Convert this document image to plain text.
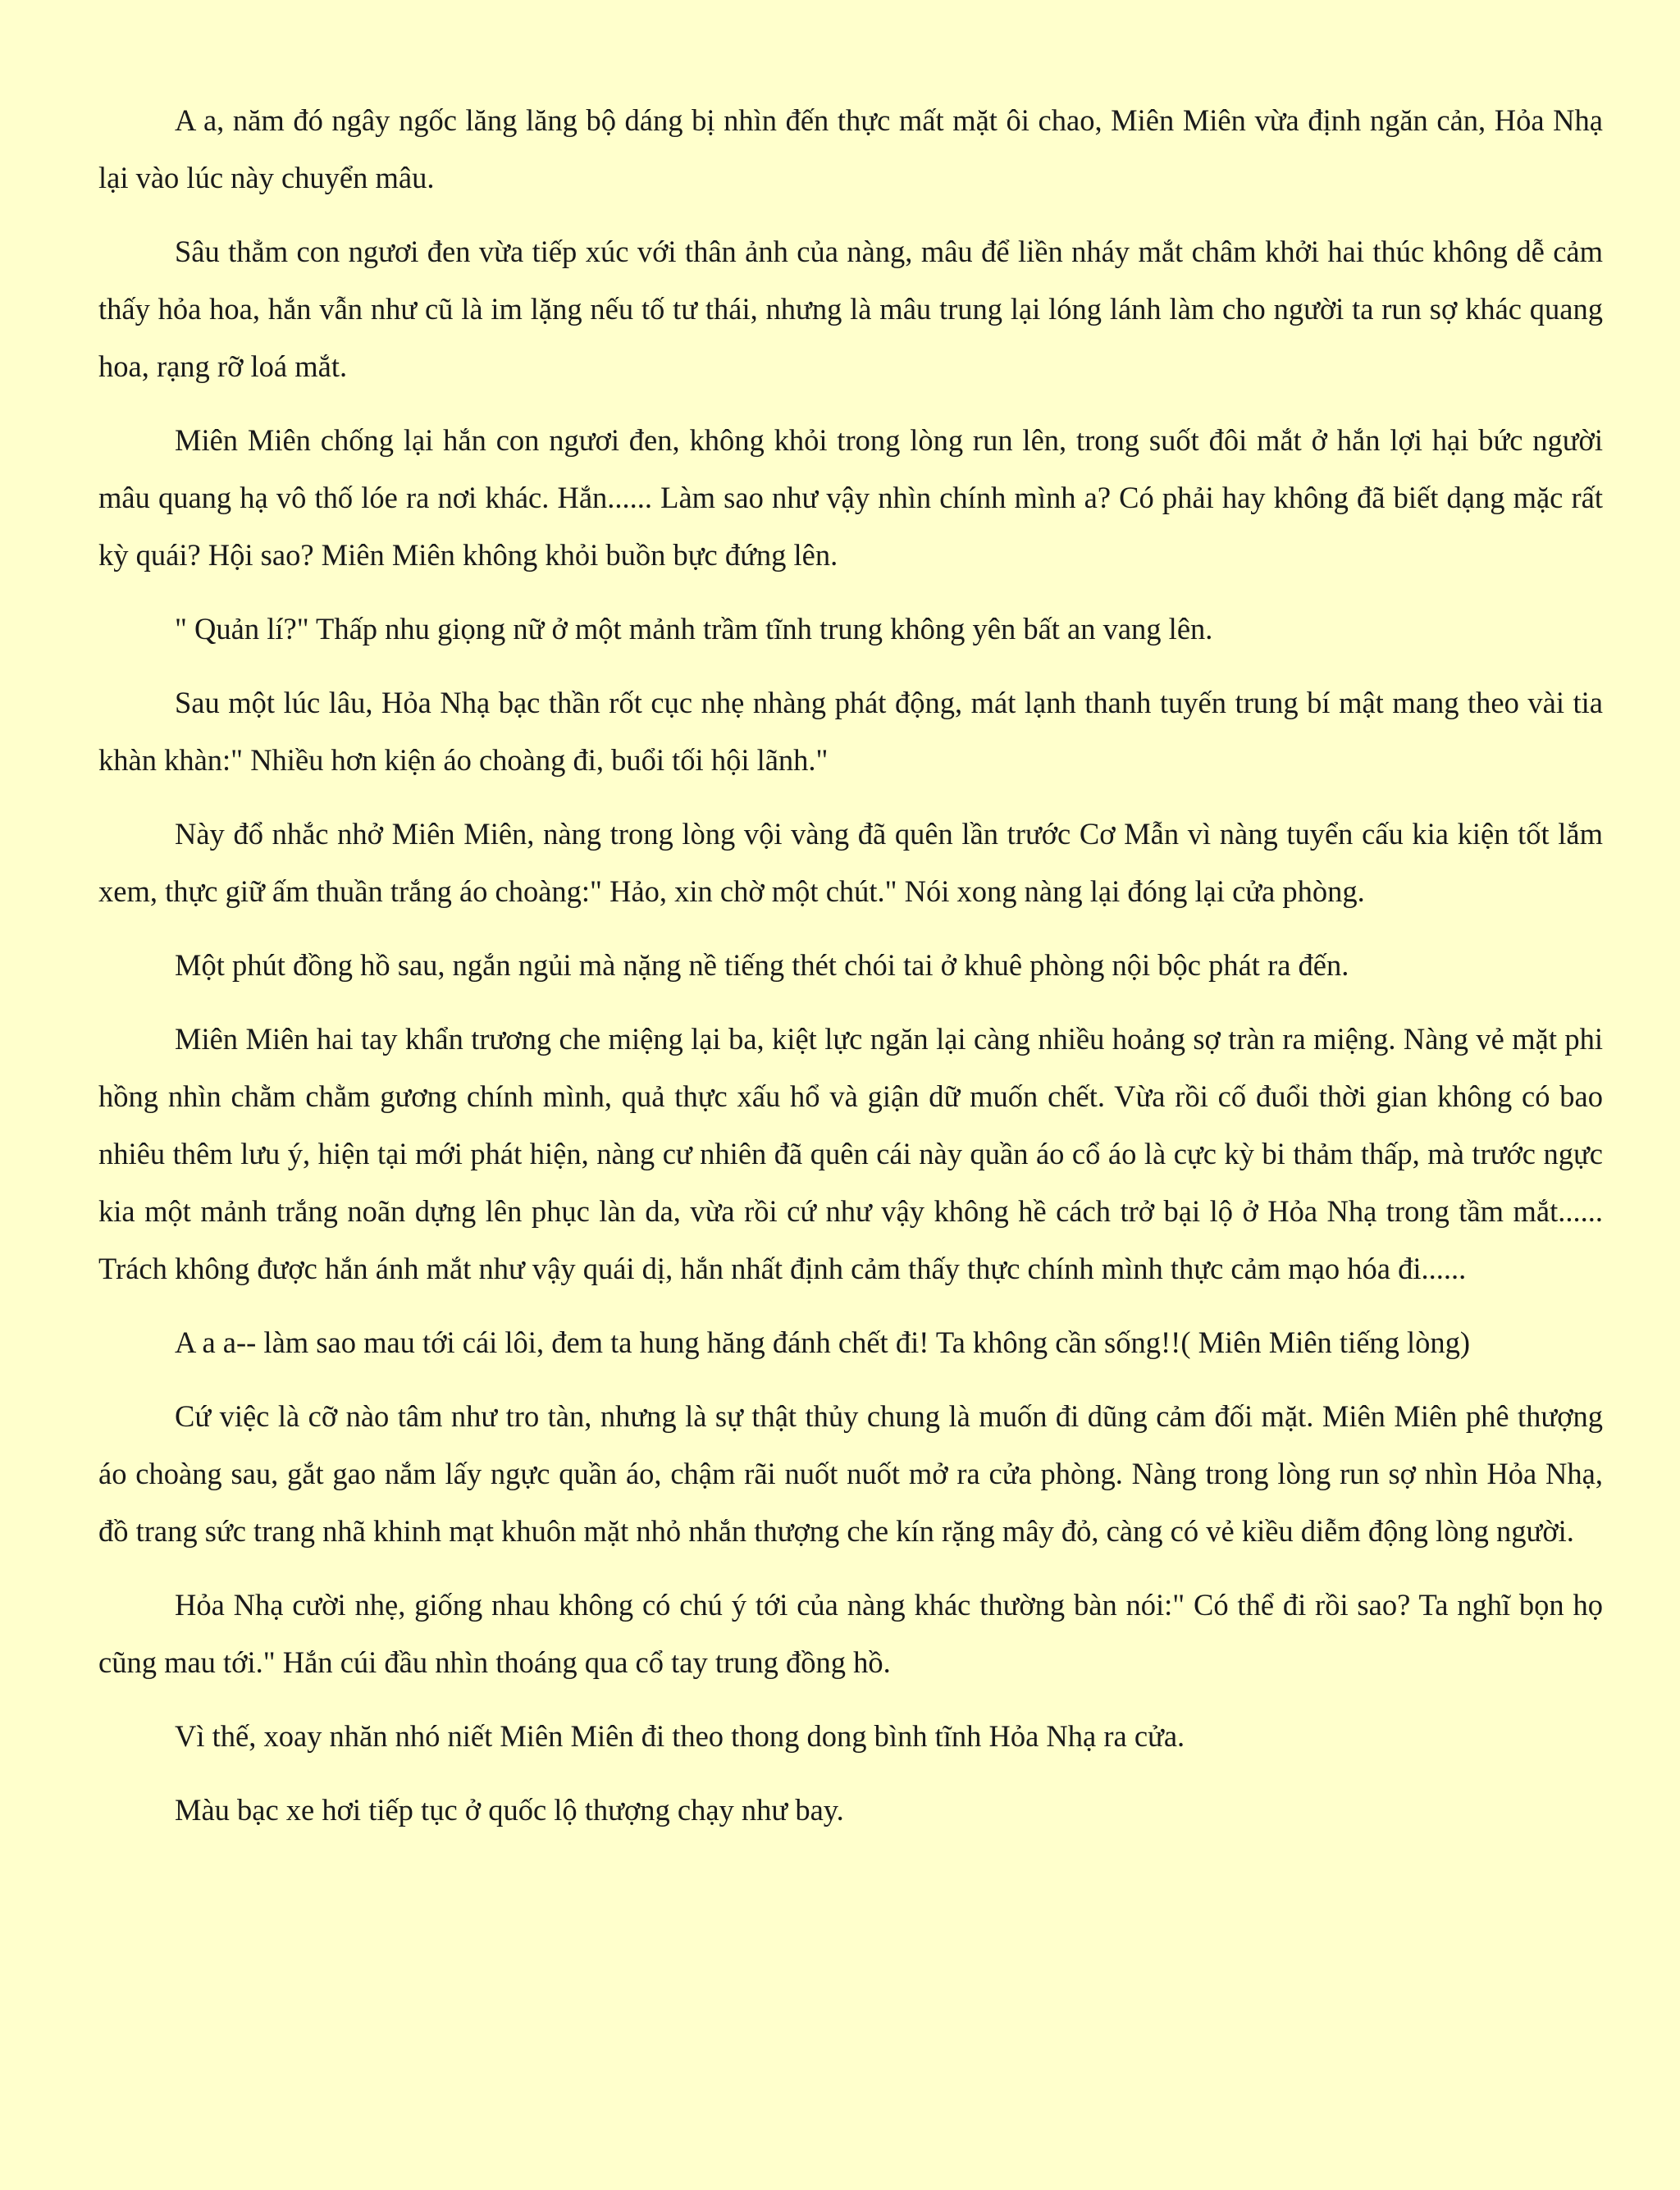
A a, năm đó ngây ngốc lăng lăng bộ dáng bị nhìn đến thực mất mặt ôi chao, Miên Miên vừa định ngăn cản, Hỏa Nhạ lại vào lúc này chuyển mâu.

Sâu thẳm con ngươi đen vừa tiếp xúc với thân ảnh của nàng, mâu để liền nháy mắt châm khởi hai thúc không dễ cảm thấy hỏa hoa, hắn vẫn như cũ là im lặng nếu tố tư thái, nhưng là mâu trung lại lóng lánh làm cho người ta run sợ khác quang hoa, rạng rỡ loá mắt.

Miên Miên chống lại hắn con ngươi đen, không khỏi trong lòng run lên, trong suốt đôi mắt ở hắn lợi hại bức người mâu quang hạ vô thố lóe ra nơi khác. Hắn...... Làm sao như vậy nhìn chính mình a? Có phải hay không đã biết dạng mặc rất kỳ quái? Hội sao? Miên Miên không khỏi buồn bực đứng lên.

" Quản lí?" Thấp nhu giọng nữ ở một mảnh trầm tĩnh trung không yên bất an vang lên.

Sau một lúc lâu, Hỏa Nhạ bạc thần rốt cục nhẹ nhàng phát động, mát lạnh thanh tuyến trung bí mật mang theo vài tia khàn khàn:" Nhiều hơn kiện áo choàng đi, buổi tối hội lãnh."

Này đổ nhắc nhở Miên Miên, nàng trong lòng vội vàng đã quên lần trước Cơ Mẫn vì nàng tuyển cấu kia kiện tốt lắm xem, thực giữ ấm thuần trắng áo choàng:" Hảo, xin chờ một chút." Nói xong nàng lại đóng lại cửa phòng.

Một phút đồng hồ sau, ngắn ngủi mà nặng nề tiếng thét chói tai ở khuê phòng nội bộc phát ra đến.

Miên Miên hai tay khẩn trương che miệng lại ba, kiệt lực ngăn lại càng nhiều hoảng sợ tràn ra miệng. Nàng vẻ mặt phi hồng nhìn chằm chằm gương chính mình, quả thực xấu hổ và giận dữ muốn chết. Vừa rồi cố đuổi thời gian không có bao nhiêu thêm lưu ý, hiện tại mới phát hiện, nàng cư nhiên đã quên cái này quần áo cổ áo là cực kỳ bi thảm thấp, mà trước ngực kia một mảnh trắng noãn dựng lên phục làn da, vừa rồi cứ như vậy không hề cách trở bại lộ ở Hỏa Nhạ trong tầm mắt...... Trách không được hắn ánh mắt như vậy quái dị, hắn nhất định cảm thấy thực chính mình thực cảm mạo hóa đi......

A a a-- làm sao mau tới cái lôi, đem ta hung hăng đánh chết đi! Ta không cần sống!!( Miên Miên tiếng lòng)

Cứ việc là cỡ nào tâm như tro tàn, nhưng là sự thật thủy chung là muốn đi dũng cảm đối mặt. Miên Miên phê thượng áo choàng sau, gắt gao nắm lấy ngực quần áo, chậm rãi nuốt nuốt mở ra cửa phòng. Nàng trong lòng run sợ nhìn Hỏa Nhạ, đồ trang sức trang nhã khinh mạt khuôn mặt nhỏ nhắn thượng che kín rặng mây đỏ, càng có vẻ kiều diễm động lòng người.

Hỏa Nhạ cười nhẹ, giống nhau không có chú ý tới của nàng khác thường bàn nói:" Có thể đi rồi sao? Ta nghĩ bọn họ cũng mau tới." Hắn cúi đầu nhìn thoáng qua cổ tay trung đồng hồ.

Vì thế, xoay nhăn nhó niết Miên Miên đi theo thong dong bình tĩnh Hỏa Nhạ ra cửa.

Màu bạc xe hơi tiếp tục ở quốc lộ thượng chạy như bay.
